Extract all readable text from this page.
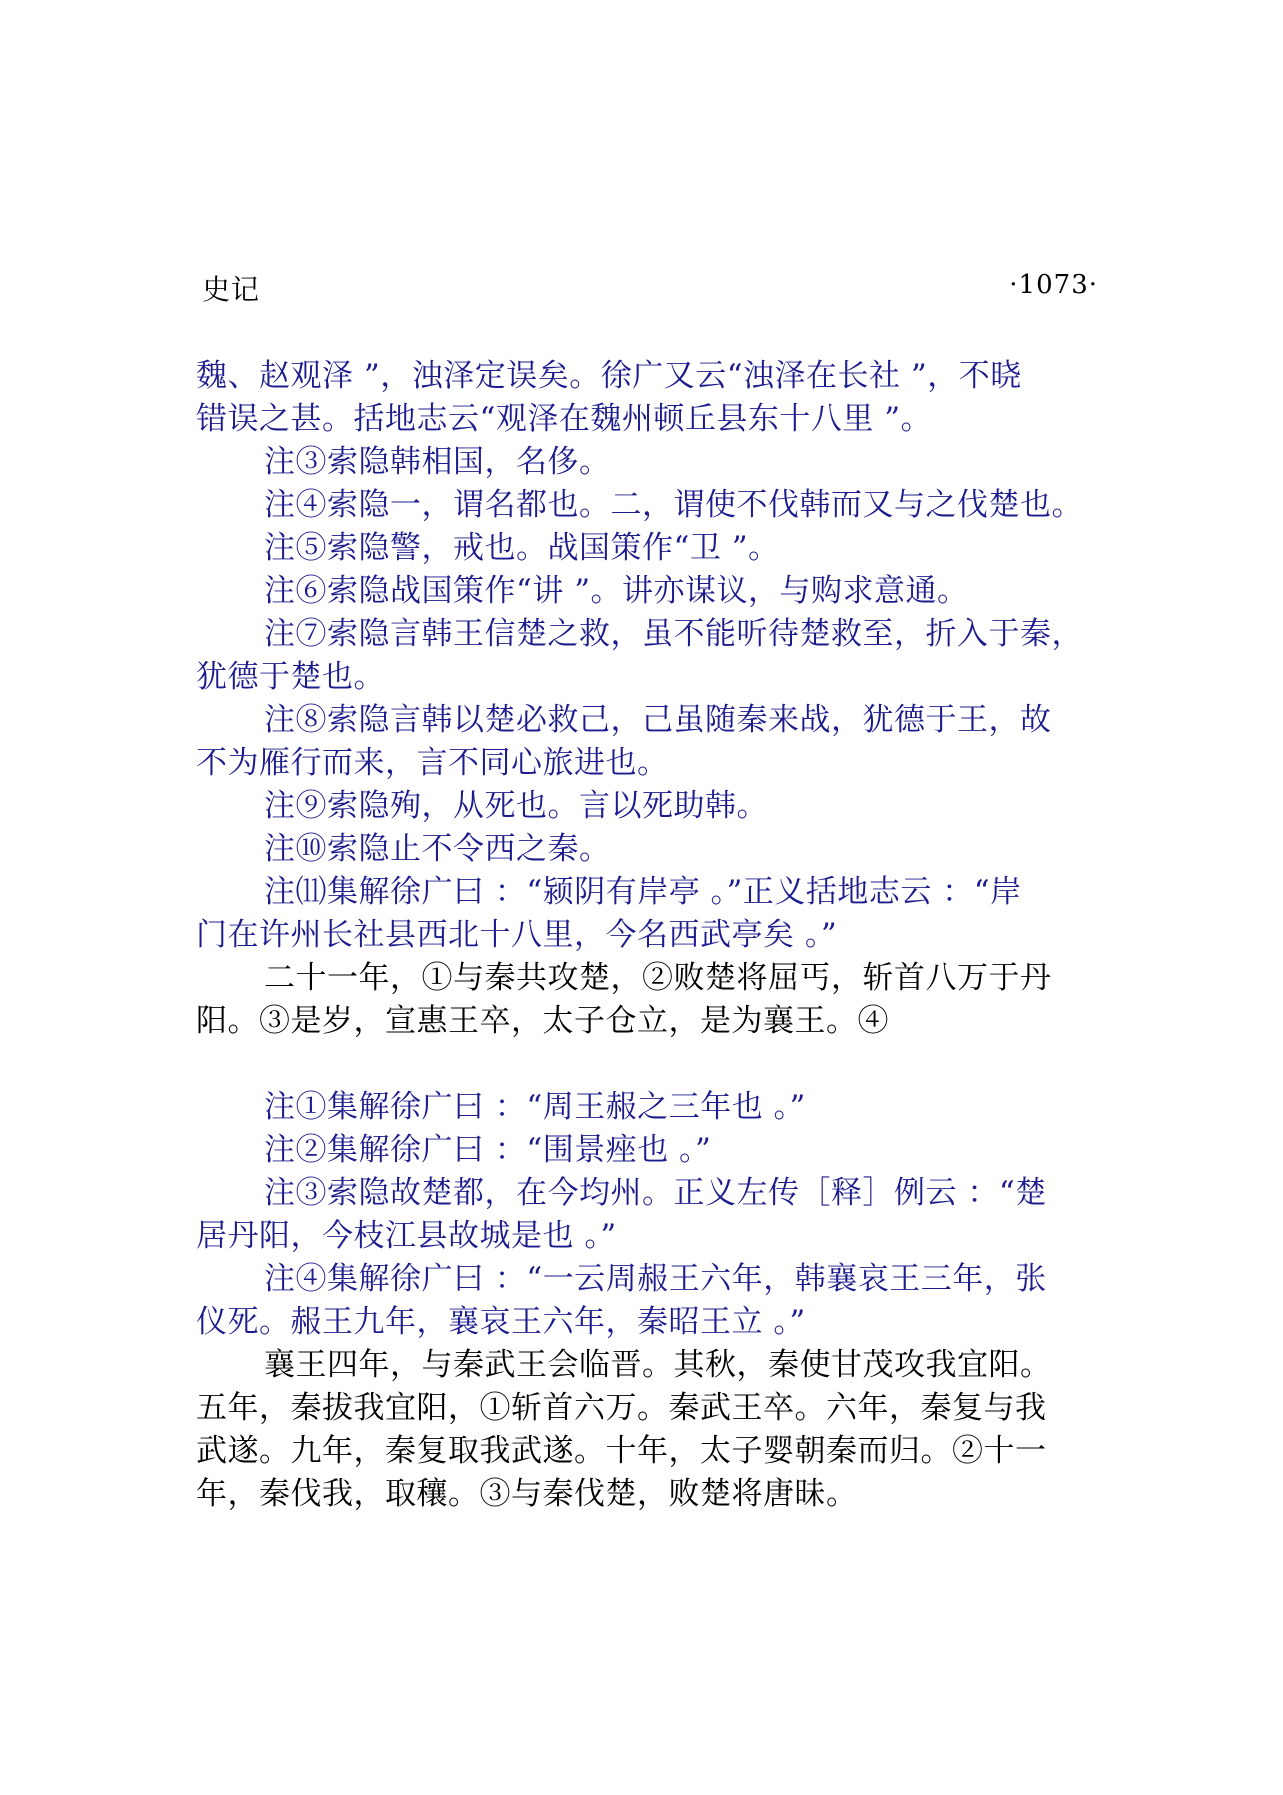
史记	·1073·
魏、赵观泽 ”，浊泽定误矣。徐广又云“浊泽在长社 ”，不晓
错误之甚。括地志云“观泽在魏州顿丘县东十八里 ”。
注③索隐韩相国，名侈。
注④索隐一，谓名都也。二，谓使不伐韩而又与之伐楚也。
注⑤索隐警，戒也。战国策作“卫 ”。
注⑥索隐战国策作“讲 ”。讲亦谋议，与购求意通。
注⑦索隐言韩王信楚之救，虽不能听待楚救至，折入于秦，
犹德于楚也。
注⑧索隐言韩以楚必救己，己虽随秦来战，犹德于王，故
不为雁行而来，言不同心旅进也。
注⑨索隐殉，从死也。言以死助韩。
注⑩索隐止不令西之秦。
注⑾集解徐广曰 ：“颍阴有岸亭 。”正义括地志云 ：“岸
门在许州长社县西北十八里，今名西武亭矣 。”
二十一年，①与秦共攻楚，②败楚将屈丐，斩首八万于丹
阳。③是岁，宣惠王卒，太子仓立，是为襄王。④
注①集解徐广曰 ：“周王赧之三年也 。”
注②集解徐广曰 ：“围景痤也 。”
注③索隐故楚都，在今均州。正义左传［释］例云 ：“楚
居丹阳，今枝江县故城是也 。”
注④集解徐广曰 ：“一云周赧王六年，韩襄哀王三年，张
仪死。赧王九年，襄哀王六年，秦昭王立 。”
襄王四年，与秦武王会临晋。其秋，秦使甘茂攻我宜阳。
五年，秦拔我宜阳，①斩首六万。秦武王卒。六年，秦复与我
武遂。九年，秦复取我武遂。十年，太子婴朝秦而归。②十一
年，秦伐我，取穰。③与秦伐楚，败楚将唐昧。
